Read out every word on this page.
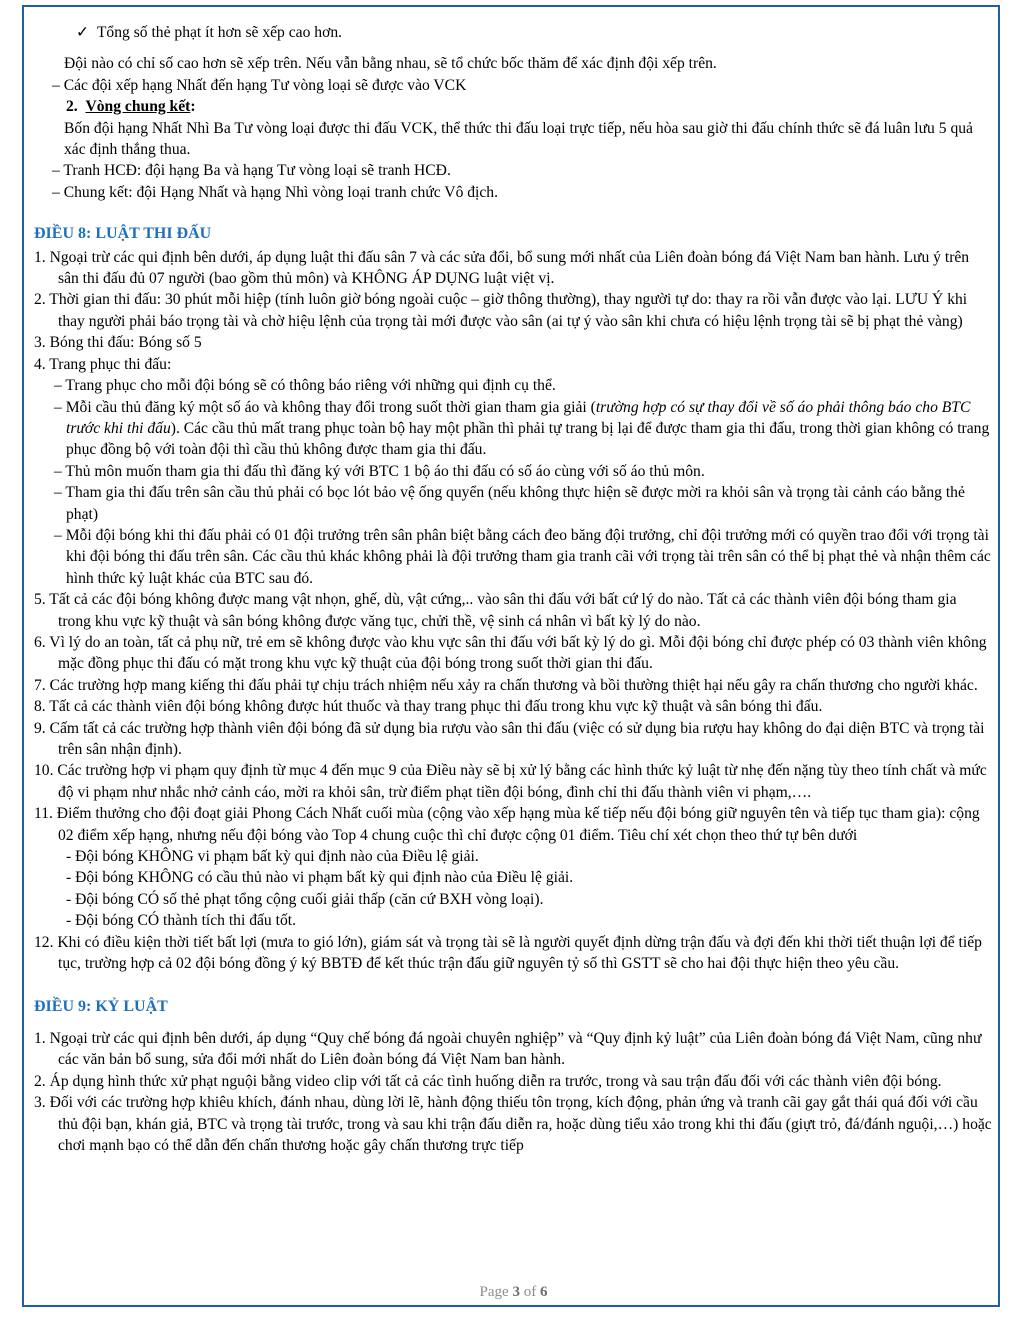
✓ Tổng số thẻ phạt ít hơn sẽ xếp cao hơn.

Đội nào có chỉ số cao hơn sẽ xếp trên. Nếu vẫn bằng nhau, sẽ tổ chức bốc thăm để xác định đội xếp trên.

– Các đội xếp hạng Nhất đến hạng Tư vòng loại sẽ được vào VCK

2. Vòng chung kết:

Bốn đội hạng Nhất Nhì Ba Tư vòng loại được thi đấu VCK, thể thức thi đấu loại trực tiếp, nếu hòa sau giờ thi đấu chính thức sẽ đá luân lưu 5 quả xác định thắng thua.

– Tranh HCĐ: đội hạng Ba và hạng Tư vòng loại sẽ tranh HCĐ.

– Chung kết: đội Hạng Nhất và hạng Nhì vòng loại tranh chức Vô địch.

ĐIỀU 8: LUẬT THI ĐẤU

1. Ngoại trừ các qui định bên dưới, áp dụng luật thi đấu sân 7 và các sửa đổi, bổ sung mới nhất của Liên đoàn bóng đá Việt Nam ban hành. Lưu ý trên sân thi đấu đủ 07 người (bao gồm thủ môn) và KHÔNG ÁP DỤNG luật việt vị.

2. Thời gian thi đấu: 30 phút mỗi hiệp (tính luôn giờ bóng ngoài cuộc – giờ thông thường), thay người tự do: thay ra rồi vẫn được vào lại. LƯU Ý khi thay người phải báo trọng tài và chờ hiệu lệnh của trọng tài mới được vào sân (ai tự ý vào sân khi chưa có hiệu lệnh trọng tài sẽ bị phạt thẻ vàng)

3. Bóng thi đấu: Bóng số 5

4. Trang phục thi đấu:

– Trang phục cho mỗi đội bóng sẽ có thông báo riêng với những qui định cụ thể.

– Mỗi cầu thủ đăng ký một số áo và không thay đổi trong suốt thời gian tham gia giải (trường hợp có sự thay đổi về số áo phải thông báo cho BTC trước khi thi đấu). Các cầu thủ mất trang phục toàn bộ hay một phần thì phải tự trang bị lại để được tham gia thi đấu, trong thời gian không có trang phục đồng bộ với toàn đội thì cầu thủ không được tham gia thi đấu.

– Thủ môn muốn tham gia thi đấu thì đăng ký với BTC 1 bộ áo thi đấu có số áo cùng với số áo thủ môn.

– Tham gia thi đấu trên sân cầu thủ phải có bọc lót bảo vệ ống quyển (nếu không thực hiện sẽ được mời ra khỏi sân và trọng tài cảnh cáo bằng thẻ phạt)

– Mỗi đội bóng khi thi đấu phải có 01 đội trưởng trên sân phân biệt bằng cách đeo băng đội trưởng, chỉ đội trưởng mới có quyền trao đổi với trọng tài khi đội bóng thi đấu trên sân. Các cầu thủ khác không phải là đội trưởng tham gia tranh cãi với trọng tài trên sân có thể bị phạt thẻ và nhận thêm các hình thức kỷ luật khác của BTC sau đó.

5. Tất cả các đội bóng không được mang vật nhọn, ghế, dù, vật cứng,.. vào sân thi đấu với bất cứ lý do nào. Tất cả các thành viên đội bóng tham gia trong khu vực kỹ thuật và sân bóng không được văng tục, chửi thề, vệ sinh cá nhân vì bất kỳ lý do nào.

6. Vì lý do an toàn, tất cả phụ nữ, trẻ em sẽ không được vào khu vực sân thi đấu với bất kỳ lý do gì. Mỗi đội bóng chỉ được phép có 03 thành viên không mặc đồng phục thi đấu có mặt trong khu vực kỹ thuật của đội bóng trong suốt thời gian thi đấu.

7. Các trường hợp mang kiếng thi đấu phải tự chịu trách nhiệm nếu xảy ra chấn thương và bồi thường thiệt hại nếu gây ra chấn thương cho người khác.

8. Tất cả các thành viên đội bóng không được hút thuốc và thay trang phục thi đấu trong khu vực kỹ thuật và sân bóng thi đấu.

9. Cấm tất cả các trường hợp thành viên đội bóng đã sử dụng bia rượu vào sân thi đấu (việc có sử dụng bia rượu hay không do đại diện BTC và trọng tài trên sân nhận định).

10. Các trường hợp vi phạm quy định từ mục 4 đến mục 9 của Điều này sẽ bị xử lý bằng các hình thức kỷ luật từ nhẹ đến nặng tùy theo tính chất và mức độ vi phạm như nhắc nhở cảnh cáo, mời ra khỏi sân, trừ điểm phạt tiền đội bóng, đình chỉ thi đấu thành viên vi phạm,….

11. Điểm thưởng cho đội đoạt giải Phong Cách Nhất cuối mùa (cộng vào xếp hạng mùa kế tiếp nếu đội bóng giữ nguyên tên và tiếp tục tham gia): cộng 02 điểm xếp hạng, nhưng nếu đội bóng vào Top 4 chung cuộc thì chỉ được cộng 01 điểm. Tiêu chí xét chọn theo thứ tự bên dưới

- Đội bóng KHÔNG vi phạm bất kỳ qui định nào của Điều lệ giải.

- Đội bóng KHÔNG có cầu thủ nào vi phạm bất kỳ qui định nào của Điều lệ giải.

- Đội bóng CÓ số thẻ phạt tổng cộng cuối giải thấp (căn cứ BXH vòng loại).

- Đội bóng CÓ thành tích thi đấu tốt.

12. Khi có điều kiện thời tiết bất lợi (mưa to gió lớn), giám sát và trọng tài sẽ là người quyết định dừng trận đấu và đợi đến khi thời tiết thuận lợi để tiếp tục, trường hợp cả 02 đội bóng đồng ý ký BBTĐ để kết thúc trận đấu giữ nguyên tỷ số thì GSTT sẽ cho hai đội thực hiện theo yêu cầu.

ĐIỀU 9: KỶ LUẬT

1. Ngoại trừ các qui định bên dưới, áp dụng “Quy chế bóng đá ngoài chuyên nghiệp” và “Quy định kỷ luật” của Liên đoàn bóng đá Việt Nam, cũng như các văn bản bổ sung, sửa đổi mới nhất do Liên đoàn bóng đá Việt Nam ban hành.

2. Áp dụng hình thức xử phạt nguội bằng video clip với tất cả các tình huống diễn ra trước, trong và sau trận đấu đối với các thành viên đội bóng.

3. Đối với các trường hợp khiêu khích, đánh nhau, dùng lời lẽ, hành động thiếu tôn trọng, kích động, phản ứng và tranh cãi gay gắt thái quá đối với cầu thủ đội bạn, khán giả, BTC và trọng tài trước, trong và sau khi trận đấu diễn ra, hoặc dùng tiểu xảo trong khi thi đấu (giựt trỏ, đá/đánh nguội,…) hoặc chơi mạnh bạo có thể dẫn đến chấn thương hoặc gây chấn thương trực tiếp

Page 3 of 6
